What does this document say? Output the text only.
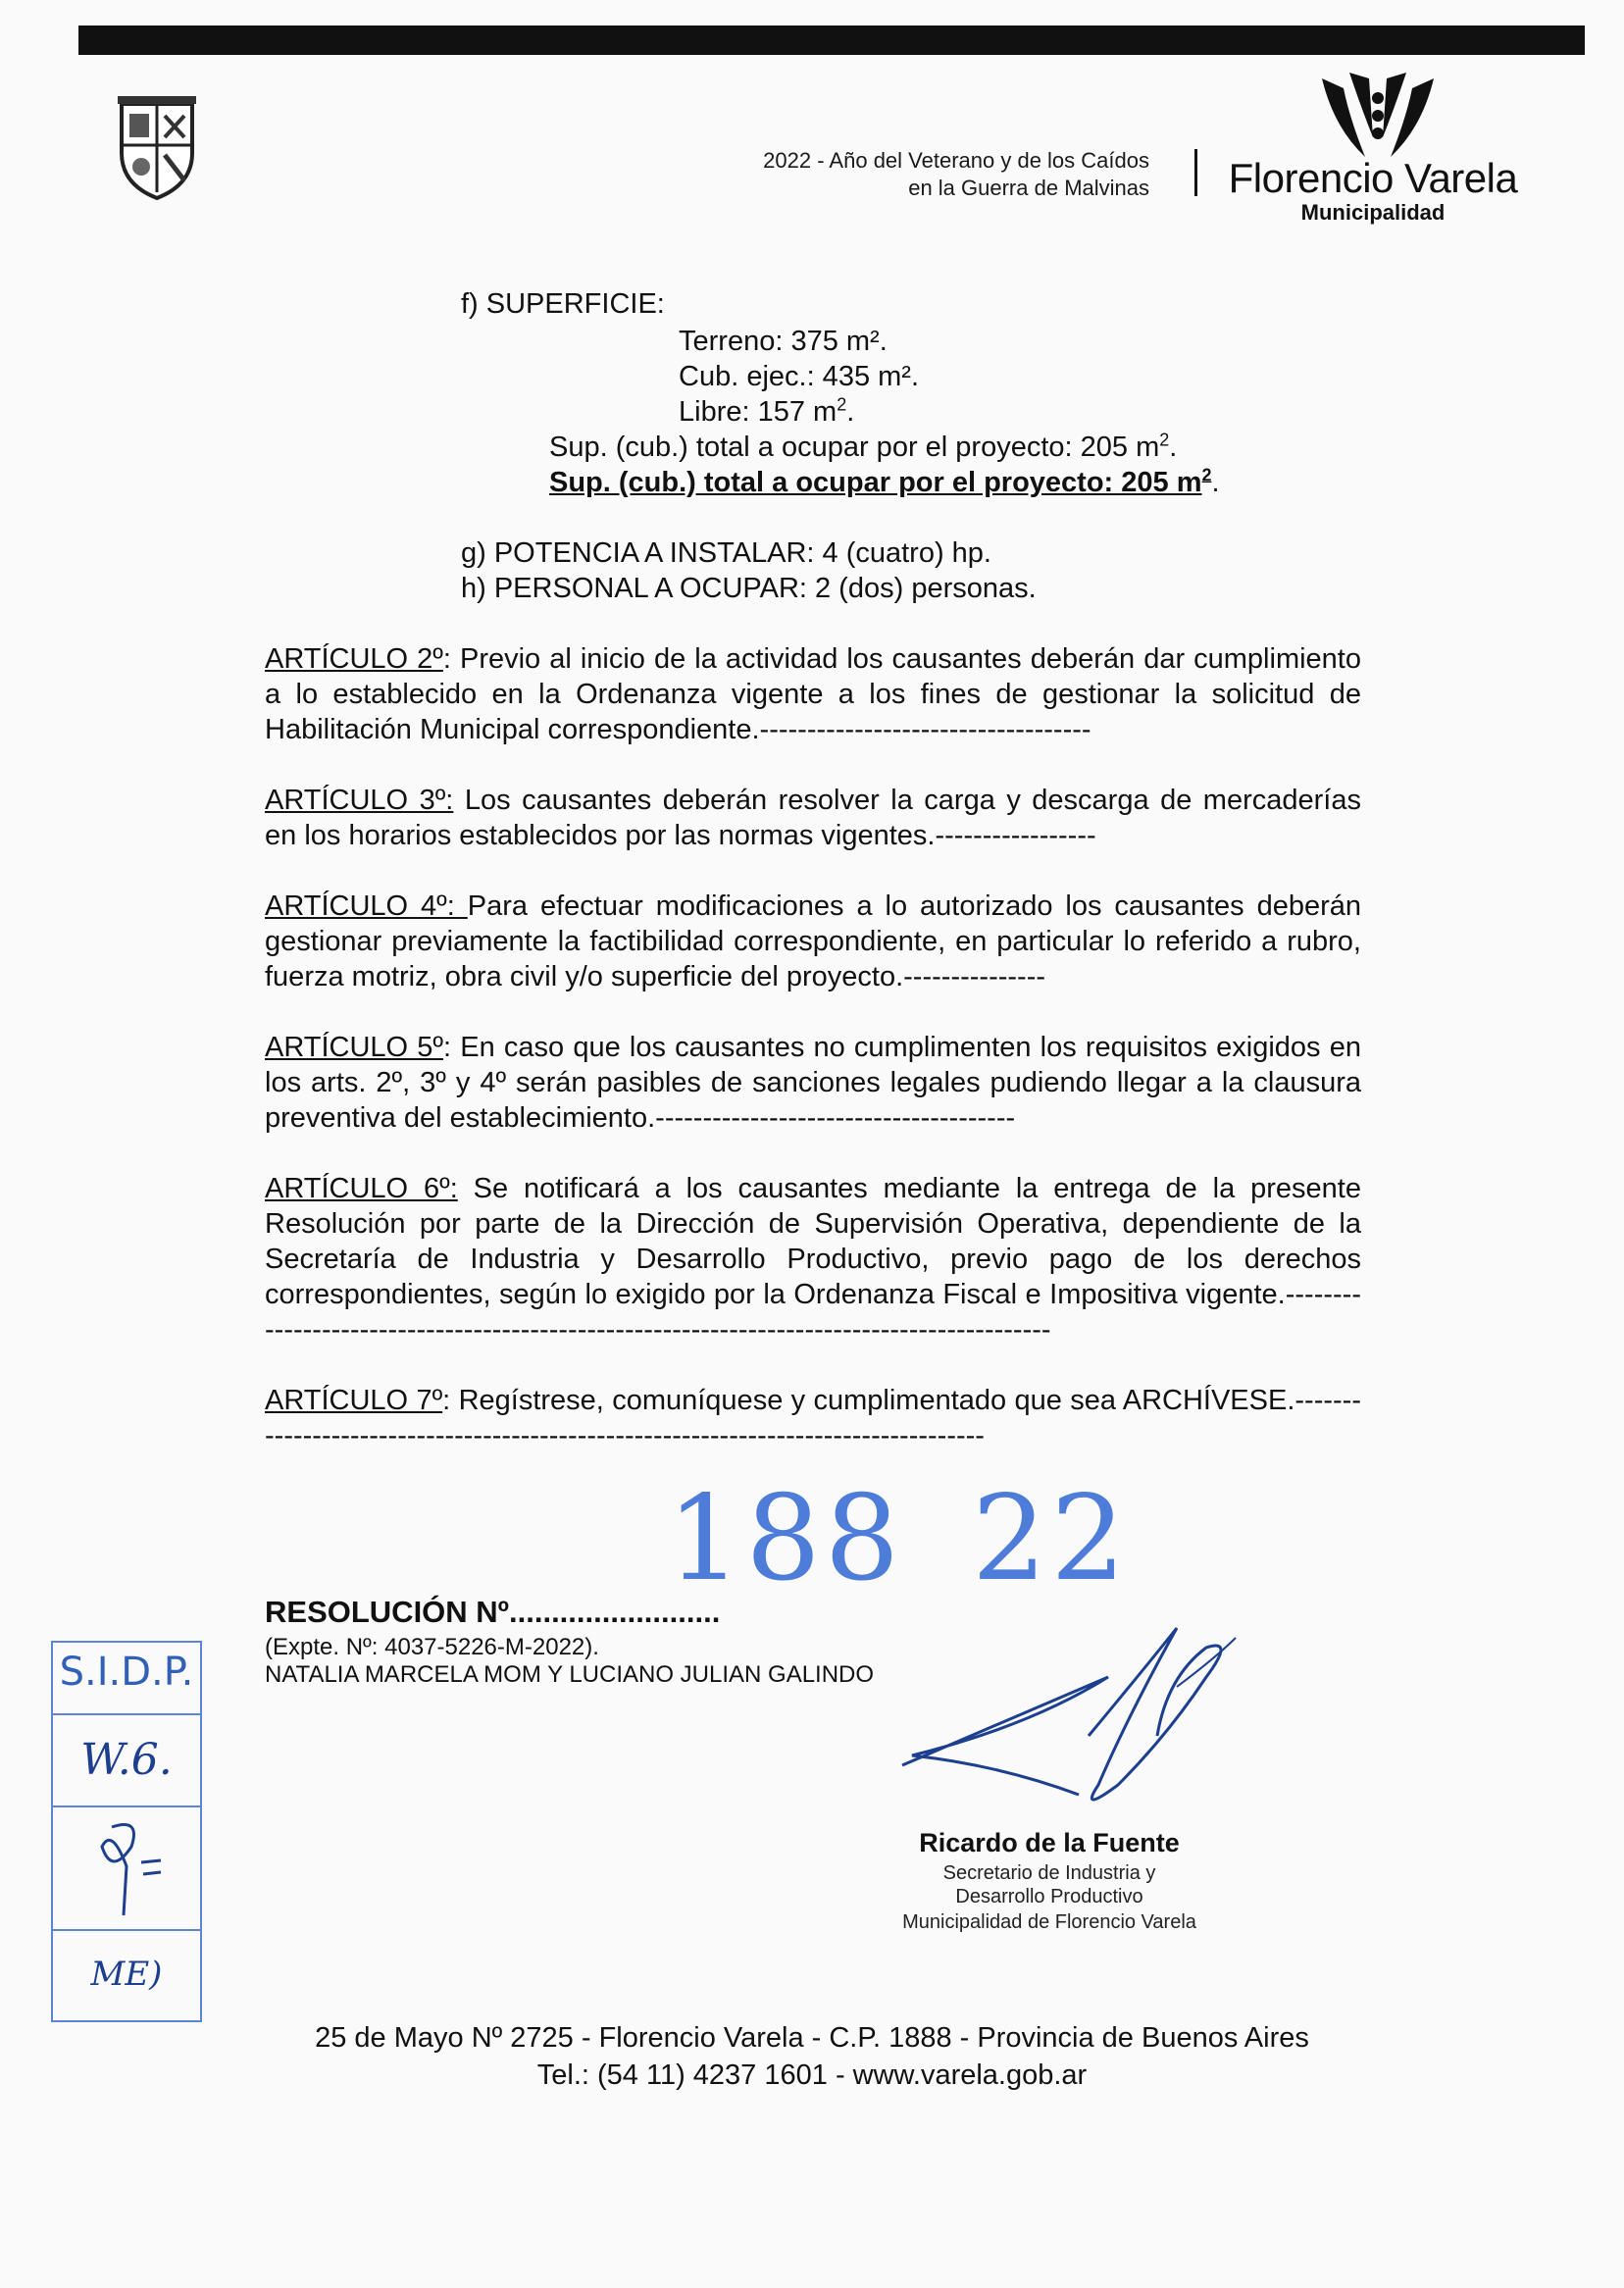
2022 - Año del Veterano y de los Caídos
en la Guerra de Malvinas Florencio Varela
Municipalidad
f) SUPERFICIE:
Terreno: 375 m².
Cub. ejec.: 435 m².
Libre: 157 $m^2$.
Sup. (cub.) total a ocupar por el proyecto: 205 $m^2$.
Sup. (cub.) total a ocupar por el proyecto: 205 $m^2$.
g) POTENCIA A INSTALAR: 4 (cuatro) hp.
h) PERSONAL A OCUPAR: 2 (dos) personas.
ARTÍCULO 2º: Previo al inicio de la actividad los causantes deberán dar cumplimiento a lo establecido en la Ordenanza vigente a los fines de gestionar la solicitud de Habilitación Municipal correspondiente.-----------------------------------
ARTÍCULO 3º: Los causantes deberán resolver la carga y descarga de mercaderías en los horarios establecidos por las normas vigentes.-----------------
ARTÍCULO 4º: Para efectuar modificaciones a lo autorizado los causantes deberán gestionar previamente la factibilidad correspondiente, en particular lo referido a rubro, fuerza motriz, obra civil y/o superficie del proyecto.---------------
ARTÍCULO 5º: En caso que los causantes no cumplimenten los requisitos exigidos en los arts. 2º, 3º y 4º serán pasibles de sanciones legales pudiendo llegar a la clausura preventiva del establecimiento.--------------------------------------
ARTÍCULO 6º: Se notificará a los causantes mediante la entrega de la presente Resolución por parte de la Dirección de Supervisión Operativa, dependiente de la Secretaría de Industria y Desarrollo Productivo, previo pago de los derechos correspondientes, según lo exigido por la Ordenanza Fiscal e Impositiva vigente.-------------------------------------------------------------------------------------------
ARTÍCULO 7º: Regístrese, comuníquese y cumplimentado que sea ARCHÍVESE.-----------------------------------------------------------------------------------
188 22
RESOLUCIÓN Nº.........................
(Expte. Nº: 4037-5226-M-2022).
NATALIA MARCELA MOM Y LUCIANO JULIAN GALINDO
Ricardo de la Fuente
Secretario de Industria y
Desarrollo Productivo
Municipalidad de Florencio Varela
S.I.D.P.
W.6.
ME)
25 de Mayo Nº 2725 - Florencio Varela - C.P. 1888 - Provincia de Buenos Aires
Tel.: (54 11) 4237 1601 - www.varela.gob.ar
